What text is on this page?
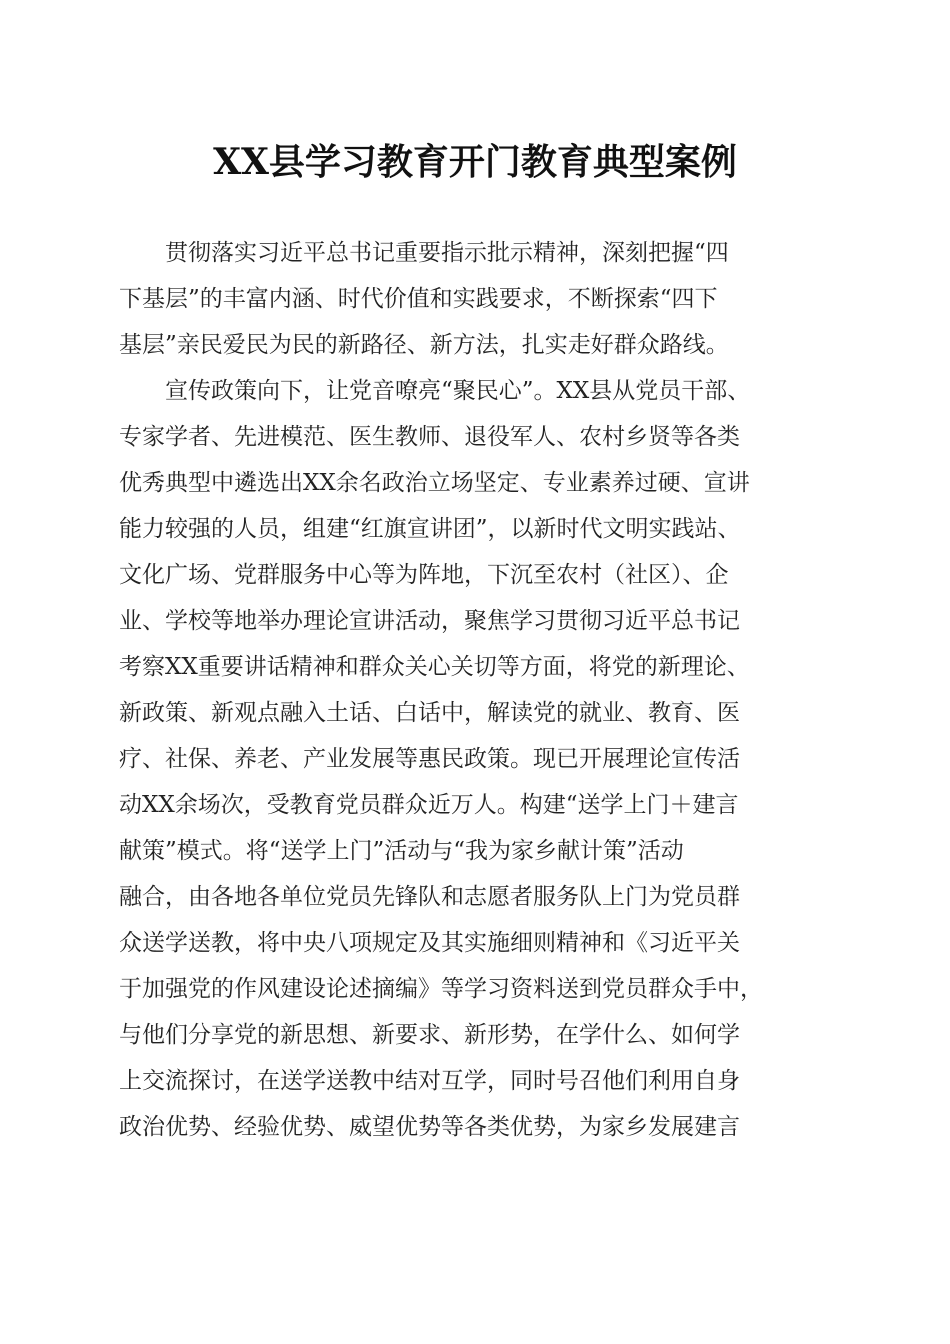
XX县学习教育开门教育典型案例

　　贯彻落实习近平总书记重要指示批示精神，深刻把握“四

下基层”的丰富内涵、时代价值和实践要求，不断探索“四下

基层”亲民爱民为民的新路径、新方法，扎实走好群众路线。

　　宣传政策向下，让党音嘹亮“聚民心”。XX县从党员干部、

专家学者、先进模范、医生教师、退役军人、农村乡贤等各类

优秀典型中遴选出XX余名政治立场坚定、专业素养过硬、宣讲

能力较强的人员，组建“红旗宣讲团”，以新时代文明实践站、

文化广场、党群服务中心等为阵地，下沉至农村（社区）、企

业、学校等地举办理论宣讲活动，聚焦学习贯彻习近平总书记

考察XX重要讲话精神和群众关心关切等方面，将党的新理论、

新政策、新观点融入土话、白话中，解读党的就业、教育、医

疗、社保、养老、产业发展等惠民政策。现已开展理论宣传活

动XX余场次，受教育党员群众近万人。构建“送学上门＋建言

献策”模式。将“送学上门”活动与“我为家乡献计策”活动

融合，由各地各单位党员先锋队和志愿者服务队上门为党员群

众送学送教，将中央八项规定及其实施细则精神和《习近平关

于加强党的作风建设论述摘编》等学习资料送到党员群众手中，

与他们分享党的新思想、新要求、新形势，在学什么、如何学

上交流探讨，在送学送教中结对互学，同时号召他们利用自身

政治优势、经验优势、威望优势等各类优势，为家乡发展建言
